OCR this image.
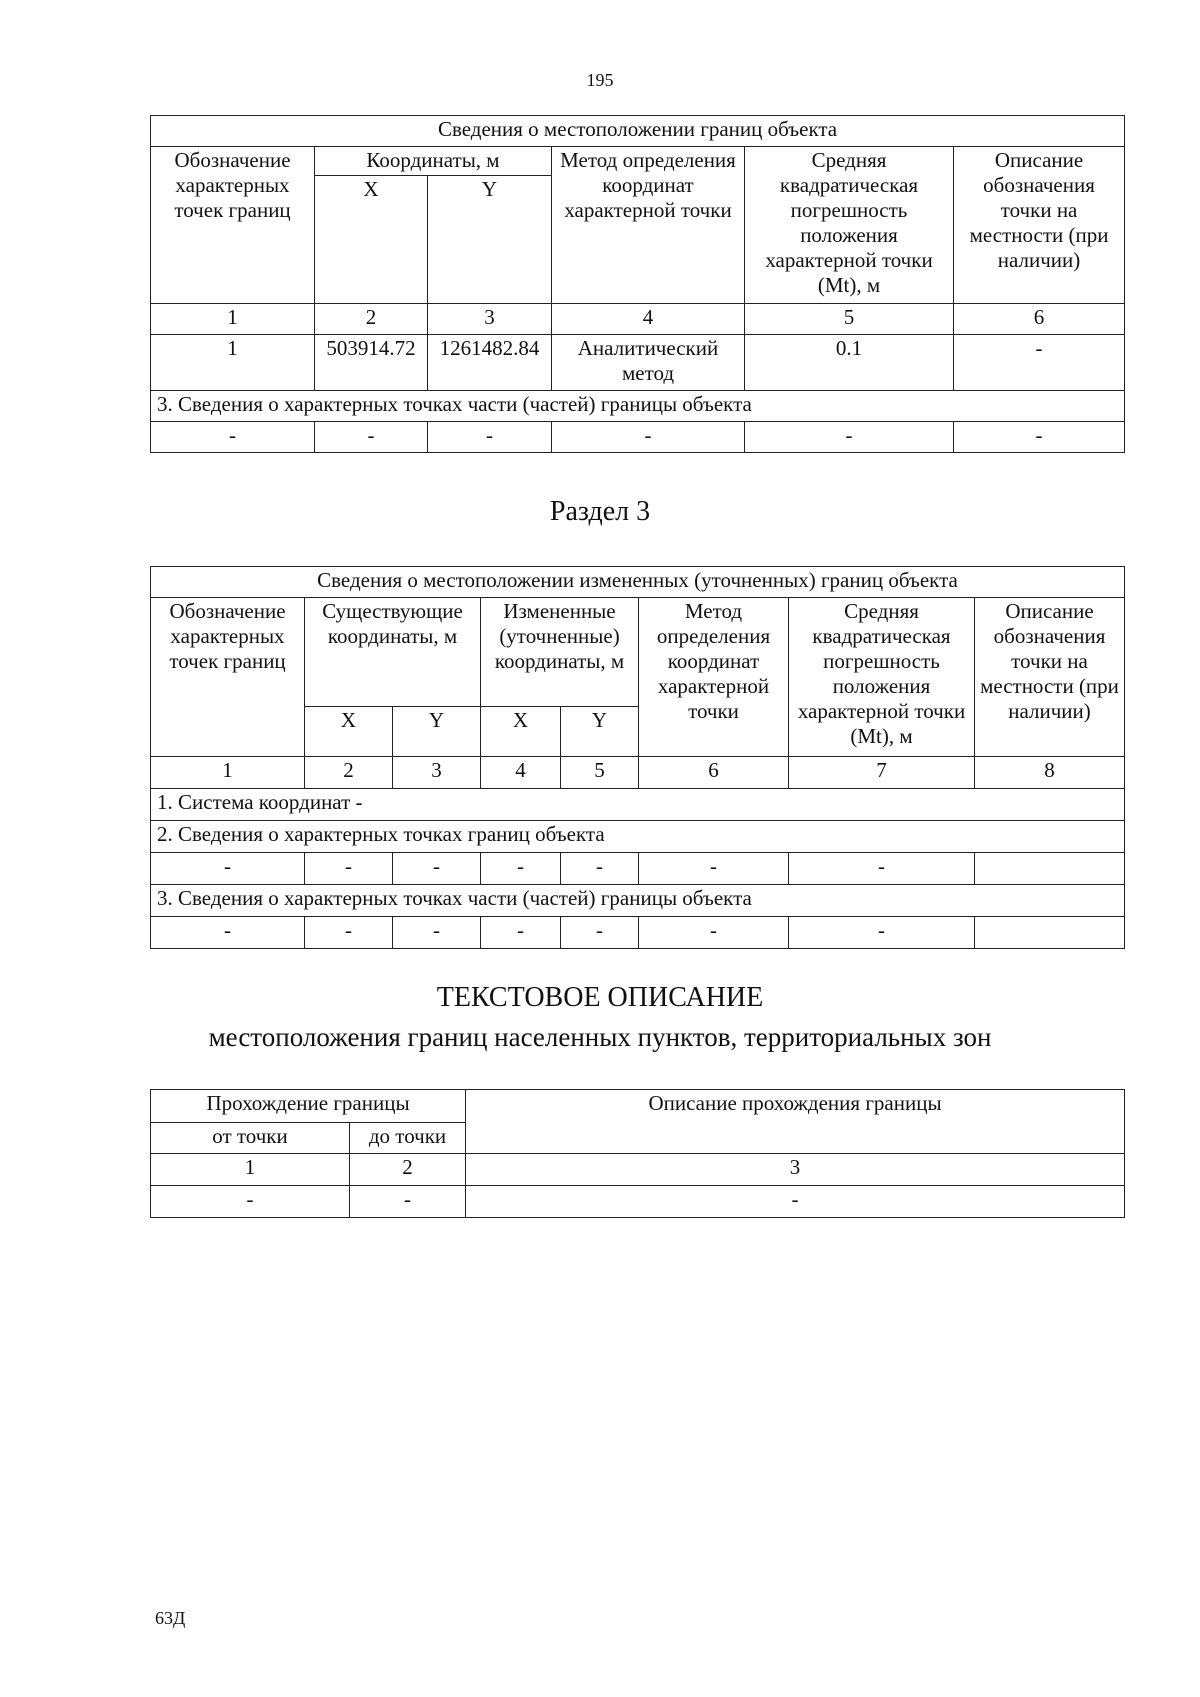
195
Сведения о местоположении границ объекта					
Обозначение характерных точек границ	Координаты, м		Метод определения координат характерной точки	Средняя квадратическая погрешность положения характерной точки (Mt), м	Описание обозначения точки на местности (при наличии)
	X	Y			
1	2	3	4	5	6
1	503914.72	1261482.84	Аналитический метод	0.1	-
3. Сведения о характерных точках части (частей) границы объекта					
-	-	-	-	-	-
Раздел 3
Сведения о местоположении измененных (уточненных) границ объекта							
Обозначение характерных точек границ	Существующие координаты, м		Измененные (уточненные) координаты, м		Метод определения координат характерной точки	Средняя квадратическая погрешность положения характерной точки (Mt), м	Описание обозначения точки на местности (при наличии)
	X	Y	X	Y			
1	2	3	4	5	6	7	8
1. Система координат -							
2. Сведения о характерных точках границ объекта							
-	-	-	-	-	-	-	
3. Сведения о характерных точках части (частей) границы объекта							
-	-	-	-	-	-	-	
ТЕКСТОВОЕ ОПИСАНИЕ
местоположения границ населенных пунктов, территориальных зон
Прохождение границы		Описание прохождения границы
от точки	до точки	
1	2	3
-	-	-
63Д
